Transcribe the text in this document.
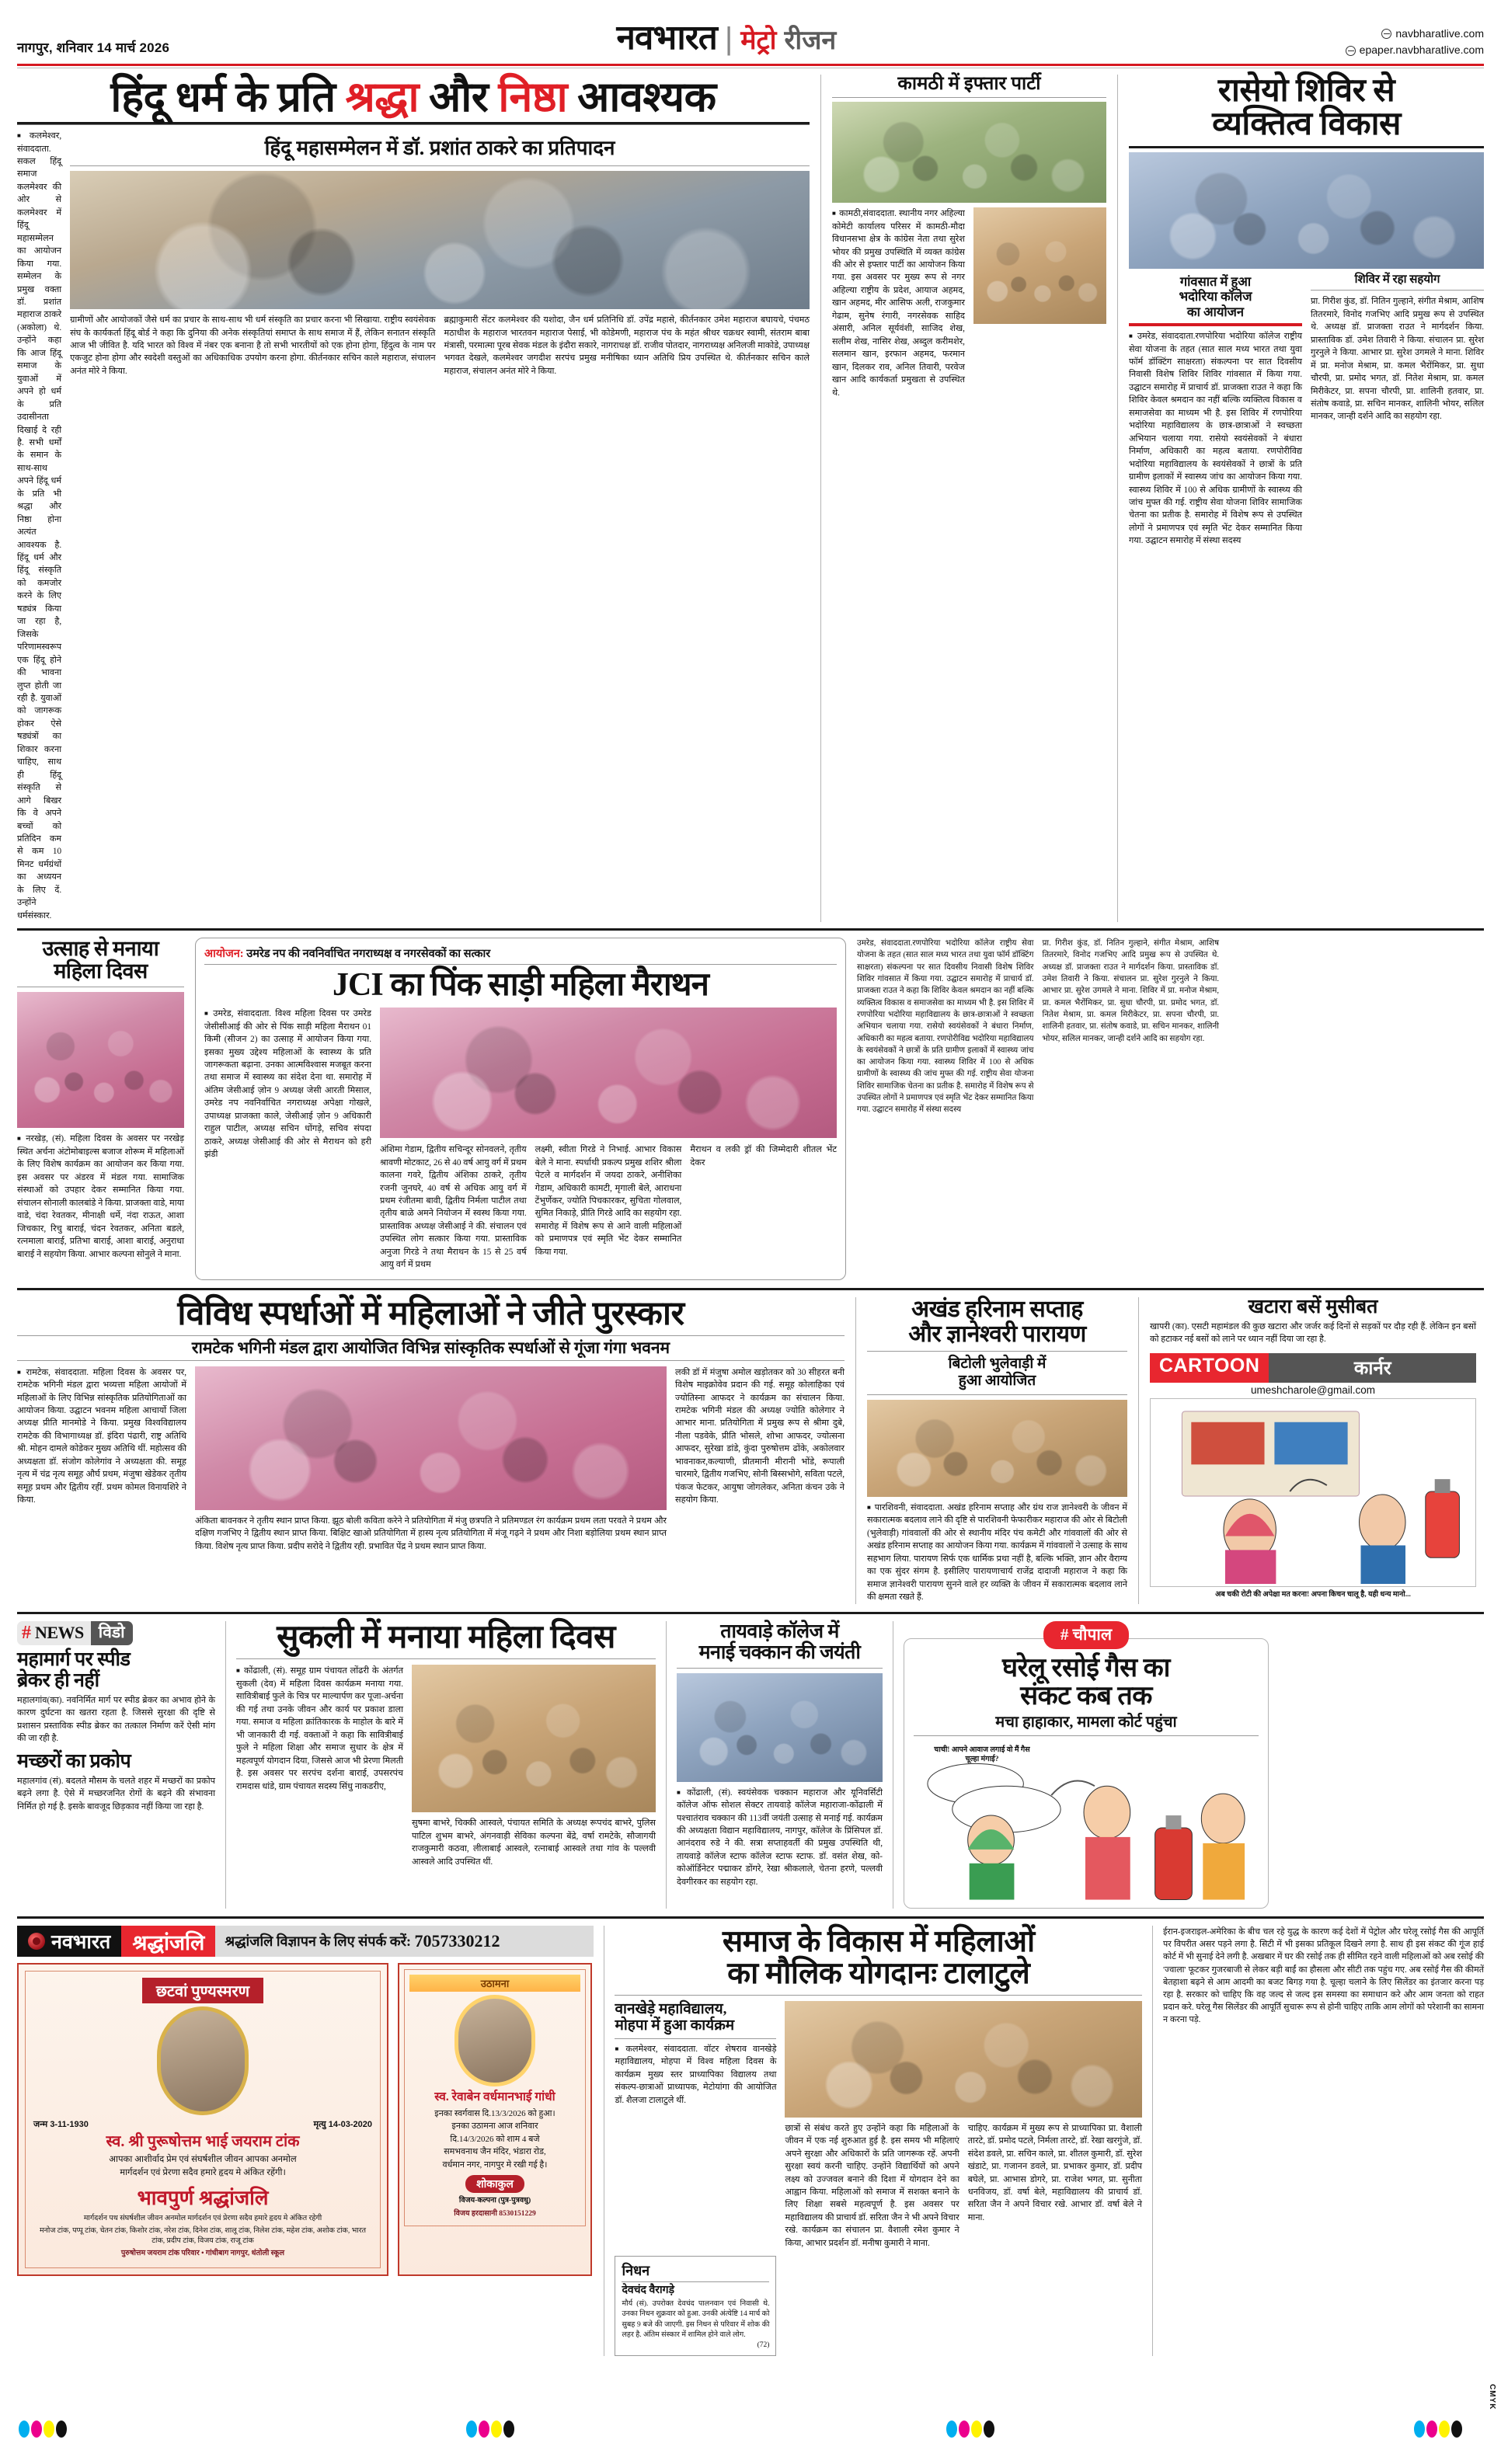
नागपुर, शनिवार 14 मार्च 2026	नवभारत | मेट्रो रीजन	navbharatlive.com
epaper.navbharatlive.com
हिंदू धर्म के प्रति श्रद्धा और निष्ठा आवश्यक
■ कलमेश्वर, संवाददाता. सकल हिंदू समाज कलमेश्वर की ओर से कलमेश्वर में हिंदू महासम्मेलन का आयोजन किया गया. सम्मेलन के प्रमुख वक्ता डॉ. प्रशांत महाराज ठाकरे (अकोला) थे. उन्होंने कहा कि आज हिंदू समाज के युवाओं में अपने हो धर्म के प्रति उदासीनता दिखाई दे रही है. सभी धर्मों के समान के साथ-साथ अपने हिंदू धर्म के प्रति भी श्रद्धा और निष्ठा होना अत्यंत आवश्यक है. हिंदू धर्म और हिंदू संस्कृति को कमजोर करने के लिए षड्यंत्र किया जा रहा है, जिसके परिणामस्वरूप एक हिंदू होने की भावना लुप्त होती जा रही है. युवाओं को जागरूक होकर ऐसे षड्यंत्रों का शिकार करना चाहिए, साथ ही हिंदू संस्कृति से आगे बिखर कि वे अपने बच्चों को प्रतिदिन कम से कम 10 मिनट धर्मग्रंथों का अध्ययन के लिए दें. उन्होंने धर्मसंस्कार.
हिंदू महासम्मेलन में डॉ. प्रशांत ठाकरे का प्रतिपादन
ग्रामीणों और आयोजकों जैसे धर्म का प्रचार के साथ-साथ भी धर्म संस्कृति का प्रचार करना भी सिखाया. राष्ट्रीय स्वयंसेवक संघ के कार्यकर्ता हिंदू बोर्ड ने कहा कि दुनिया की अनेक संस्कृतियां समाप्त के साथ समाज में हैं, लेकिन सनातन संस्कृति आज भी जीवित है. यदि भारत को विश्व में नंबर एक बनाना है तो सभी भारतीयों को एक होना होगा, हिंदुत्व के नाम पर एकजुट होना होगा और स्वदेशी वस्तुओं का अधिकाधिक उपयोग करना होगा. कीर्तनकार सचिन काले महाराज, संचालन अनंत मोरे ने किया.
ब्रह्माकुमारी सेंटर कलमेश्वर की यशोदा, जैन धर्म प्रतिनिधि डॉ. उपेंद्र महासे, कीर्तनकार उमेश महाराज बघायचे, पंचमठ मठाधीश के महाराज भारतवन महाराज पेसाई, भी कोडेमणी, महाराज पंच के महंत श्रीधर चक्रधर स्वामी, संतराम बाबा मंत्रासी, परमात्मा पूरब सेवक मंडल के इंदौरा सकारे, नागराधक्ष डॉ. राजीव पोतदार, नागराध्यक्ष अनिलजी माकोडे, उपाध्यक्ष भगवत देखले, कलमेश्वर जगदीश सरपंच प्रमुख मनीषिका ध्यान अतिथि प्रिय उपस्थित थे. कीर्तनकार सचिन काले महाराज, संचालन अनंत मोरे ने किया.
कामठी में इफ्तार पार्टी
■ कामठी,संवाददाता. स्थानीय नगर अहिल्या कोमेटी कार्यालय परिसर में कामठी-मौदा विधानसभा क्षेत्र के कांग्रेस नेता तथा सुरेश भोयर की प्रमुख उपस्थिति में व्यक्त कांग्रेस की ओर से इफ्तार पार्टी का आयोजन किया गया. इस अवसर पर मुख्य रूप से नगर अहिल्या राष्ट्रीय के प्रदेश, आयाज अहमद, खान अहमद, मीर आसिफ अली, राजकुमार गेढाम, सुनेष रंगारी, नगरसेवक साहिद अंसारी, अनिल सूर्यवंशी, साजिद शेख, सलीम शेख, नासिर शेख, अब्दुल करीमशेर, सलमान खान, इरफान अहमद, फरमान खान, दिलकर राव, अनिल तिवारी, परवेज खान आदि कार्यकर्ता प्रमुखता से उपस्थित थे.
रासेयो शिविर से
व्यक्तित्व विकास
गांवसात में हुआ
भदोरिया कॉलेज
का आयोजन
■ उमरेड, संवाददाता.रणपोरिया भदोरिया कॉलेज राष्ट्रीय सेवा योजना के तहत (सात साल मध्य भारत तथा युवा फॉर्म डॉक्टिंग साक्षरता) संकल्पना पर सात दिवसीय निवासी विशेष शिविर शिविर गांवसात में किया गया. उद्घाटन समारोह में प्राचार्य डॉ. प्राजक्ता राउत ने कहा कि शिविर केवल श्रमदान का नहीं बल्कि व्यक्तित्व विकास व समाजसेवा का माध्यम भी है. इस शिविर में रणपोरिया भदोरिया महाविद्यालय के छात्र-छात्राओं ने स्वच्छता अभियान चलाया गया. रासेयो स्वयंसेवकों ने बंधारा निर्माण, अधिकारी का महत्व बताया. रणपोरीविद्य भदोरिया महाविद्यालय के स्वयंसेवकों ने छात्रों के प्रति ग्रामीण इलाकों में स्वास्थ्य जांच का आयोजन किया गया. स्वास्थ्य शिविर में 100 से अधिक ग्रामीणों के स्वास्थ्य की जांच मुफ्त की गई. राष्ट्रीय सेवा योजना शिविर सामाजिक चेतना का प्रतीक है. समारोह में विशेष रूप से उपस्थित लोगों ने प्रमाणपत्र एवं स्मृति भेंट देकर सम्मानित किया गया. उद्घाटन समारोह में संस्था सदस्य
शिविर में रहा सहयोग
प्रा. गिरीश कुंड, डॉ. नितिन गुल्हाने, संगीत मेश्राम, आशिष तितरमारे, विनोद गजभिए आदि प्रमुख रूप से उपस्थित थे. अध्यक्ष डॉ. प्राजक्ता राउत ने मार्गदर्शन किया. प्रास्ताविक डॉ. उमेश तिवारी ने किया. संचालन प्रा. सुरेश गुरनुले ने किया. आभार प्रा. सुरेश उगमले ने माना. शिविर में प्रा. मनोज मेश्राम, प्रा. कमल भैरोंमिकर, प्रा. सुधा चौरपी, प्रा. प्रमोद भगत, डॉ. नितेश मेश्राम, प्रा. कमल मिरीकेटर, प्रा. सपना चौरपी, प्रा. शालिनी हतवार, प्रा. संतोष कवाडे, प्रा. सचिन मानकर, शालिनी भोयर, सलिल मानकर, जान्ही दर्शने आदि का सहयोग रहा.
उत्साह से मनाया
महिला दिवस
■ नरखेड़, (सं). महिला दिवस के अवसर पर नरखेड़ स्थित अर्चना अंटोमोबाइल्स बजाज शोरूम में महिलाओं के लिए विशेष कार्यक्रम का आयोजन कर किया गया. इस अवसर पर अंडरव में मंडल गया. सामाजिक संस्थाओं को उपहार देकर सम्मानित किया गया. संचालन सोनाली कालबांडे ने किया. प्राजक्ता वाडे, माया वाडे, चंदा रेवतकर, मीनाक्षी धर्मे, नंदा राऊत, आशा जिचकार, रिचु बाराई, चंदन रेवतकर, अनिता बडले, रत्नमाला बाराई, प्रतिभा बाराई, आशा बाराई, अनुराधा बाराई ने सहयोग किया. आभार कल्पना सोनुले ने माना.
आयोजन: उमरेड नप की नवनिर्वाचित नगराध्यक्ष व नगरसेवकों का सत्कार
JCI का पिंक साड़ी महिला मैराथन
■ उमरेड, संवाददाता. विश्व महिला दिवस पर उमरेड जेसीसीआई की ओर से पिंक साड़ी महिला मैराथन 01 किमी (सीजन 2) का उत्साह में आयोजन किया गया. इसका मुख्य उद्देश्य महिलाओं के स्वास्थ्य के प्रति जागरूकता बढ़ाना. उनका आत्मविश्वास मजबूत करना तथा समाज में स्वास्थ्य का संदेश देना था. समारोह में अंतिम जेसीआई ज़ोन 9 अध्यक्ष जेसी आरती मिसाल, उमरेड नप नवनिर्वाचित नगराध्यक्ष अपेक्षा गोखले, उपाध्यक्ष प्राजक्ता काले, जेसीआई ज़ोन 9 अधिकारी राहुल पाटील, अध्यक्ष सचिन धोंगड़े, सचिव संपदा ठाकरे, अध्यक्ष जेसीआई की ओर से मैराथन को हरी झंडी	अंशिमा गेडाम, द्वितीय सचिन्दूर सोनवलने, तृतीय श्रावणी मोटकाट, 26 से 40 वर्ष आयु वर्ग में प्रथम कालना गवरे, द्वितीय अंशिका ठाकरे, तृतीय रजनी जुनघरे, 40 वर्ष से अधिक आयु वर्ग में प्रथम रंजीतमा बावी, द्वितीय निर्मला पाटील तथा तृतीय बाळे अमने नियोजन में स्वस्थ किया गया. प्रास्ताविक अध्यक्ष जेसीआई ने की. संचालन एवं उपस्थित लोग सत्कार किया गया. प्रास्ताविक अनुजा गिरडे ने तथा मैराथन के 15 से 25 वर्ष आयु वर्ग में प्रथम
लक्ष्मी, स्वीता गिरडे ने निभाई. आभार विकास बेले ने माना. स्पर्धाथी प्रकल्प प्रमुख शशिर श्रीला पेटले व मार्गदर्शन में जयदा ठाकरे, अनीशिका गेडाम, अधिकारी कामटी, मृगाली बेले, आराधना टेंभुर्णेकर, ज्योति पिचकारकर, सुचिता गोलवाल, सुमित निकाड़े, प्रीति गिरडे आदि का सहयोग रहा. समारोह में विशेष रूप से आने वाली महिलाओं को प्रमाणपत्र एवं स्मृति भेंट देकर सम्मानित किया गया.
मैराथन व लकी ड्रॉ की जिम्मेदारी शीतल भेंट देकर
उमरेड, संवाददाता.रणपोरिया भदोरिया कॉलेज राष्ट्रीय सेवा योजना के तहत (सात साल मध्य भारत तथा युवा फॉर्म डॉक्टिंग साक्षरता) संकल्पना पर सात दिवसीय निवासी विशेष शिविर शिविर गांवसात में किया गया. उद्घाटन समारोह में प्राचार्य डॉ. प्राजक्ता राउत ने कहा कि शिविर केवल श्रमदान का नहीं बल्कि व्यक्तित्व विकास व समाजसेवा का माध्यम भी है. इस शिविर में रणपोरिया भदोरिया महाविद्यालय के छात्र-छात्राओं ने स्वच्छता अभियान चलाया गया. रासेयो स्वयंसेवकों ने बंधारा निर्माण, अधिकारी का महत्व बताया. रणपोरीविद्य भदोरिया महाविद्यालय के स्वयंसेवकों ने छात्रों के प्रति ग्रामीण इलाकों में स्वास्थ्य जांच का आयोजन किया गया. स्वास्थ्य शिविर में 100 से अधिक ग्रामीणों के स्वास्थ्य की जांच मुफ्त की गई. राष्ट्रीय सेवा योजना शिविर सामाजिक चेतना का प्रतीक है. समारोह में विशेष रूप से उपस्थित लोगों ने प्रमाणपत्र एवं स्मृति भेंट देकर सम्मानित किया गया. उद्घाटन समारोह में संस्था सदस्य
प्रा. गिरीश कुंड, डॉ. नितिन गुल्हाने, संगीत मेश्राम, आशिष तितरमारे, विनोद गजभिए आदि प्रमुख रूप से उपस्थित थे. अध्यक्ष डॉ. प्राजक्ता राउत ने मार्गदर्शन किया. प्रास्ताविक डॉ. उमेश तिवारी ने किया. संचालन प्रा. सुरेश गुरनुले ने किया. आभार प्रा. सुरेश उगमले ने माना. शिविर में प्रा. मनोज मेश्राम, प्रा. कमल भैरोंमिकर, प्रा. सुधा चौरपी, प्रा. प्रमोद भगत, डॉ. नितेश मेश्राम, प्रा. कमल मिरीकेटर, प्रा. सपना चौरपी, प्रा. शालिनी हतवार, प्रा. संतोष कवाडे, प्रा. सचिन मानकर, शालिनी भोयर, सलिल मानकर, जान्ही दर्शने आदि का सहयोग रहा.
विविध स्पर्धाओं में महिलाओं ने जीते पुरस्कार
रामटेक भगिनी मंडल द्वारा आयोजित विभिन्न सांस्कृतिक स्पर्धाओं से गूंजा गंगा भवनम
■ रामटेक, संवाददाता. महिला दिवस के अवसर पर, रामटेक भगिनी मंडल द्वारा भव्यत्ता महिला आयोजों में महिलाओं के लिए विभिन्न सांस्कृतिक प्रतियोगिताओं का आयोजन किया. उद्घाटन भवनम महिला आचार्यो जिला अध्यक्ष प्रीति मानमोडे ने किया. प्रमुख विश्वविद्यालय रामटेक की विभागाध्यक्ष डॉ. इंदिरा पंढारी, राष्ट्र अतिथि श्री. मोहन दामले कोडेकर मुख्य अतिथि थीं. महोत्सव की अध्यक्षता डॉ. संजोग कोलेगांव ने अध्यक्षता की. समूह नृत्य में चंद्र नृत्य समूह और्घ प्रथम, मंजुषा खेडेकर तृतीय समूह प्रथम और द्वितीय रहीं. प्रथम कोमल विनायशिरे ने किया.
अंकिता बावनकर ने तृतीय स्थान प्राप्त किया. झूठ बोली कविता करेने ने प्रतियोगिता में मंजु छत्रपति ने प्रतिमण्डल रंग कार्यक्रम प्रथम लता परवते ने प्रथम और दक्षिण गजभिए ने द्वितीय स्थान प्राप्त किया. बिक्षिट खाओ प्रतियोगिता में हास्य नृत्य प्रतियोगिता में मंजू गढ़ने ने प्रथम और निशा बड़ोलिया प्रथम स्थान प्राप्त किया. विशेष नृत्य प्राप्त किया. प्रदीप सरोदे ने द्वितीय रही. प्रभावित पेंद्र ने प्रथम स्थान प्राप्त किया.
लकी डॉ में मंजुषा अमोल खड़ोतकर को 30 सीहरत बनी विशेष माइक्रोवेव प्रदान की गई. समूह कोलाहिका एवं ज्योतिस्ना आफदर ने कार्यक्रम का संचालन किया. रामटेक भगिनी मंडल की अध्यक्ष ज्योति कोलेगार ने आभार माना. प्रतियोगिता में प्रमुख रूप से श्रीमा दुबे, नीला पडवेके, प्रीति भोसले, शोभा आफदर, ज्योत्सना आफदर, सुरेखा डांडे, कुंदा पुरुषोत्तम ढोंके, अकोलवार भावनाकर,कल्याणी, प्रीतमानी मीरानी भोंडे, रूपाली चारमारे, द्वितीय गजभिए, सोनी बिस्सभोगे, सविता पटले, पंकज फेटकर, आयुषा जोगलेकर, अनिता कंचन उके ने सहयोग किया.
अखंड हरिनाम सप्ताह
और ज्ञानेश्वरी पारायण
बिटोली भुलेवाड़ी में
हुआ आयोजित
■ पारशिवनी, संवाददाता. अखंड हरिनाम सप्ताह और ग्रंथ राज ज्ञानेश्वरी के जीवन में सकारात्मक बदलाव लाने की दृष्टि से पारशिवनी फेफारीकर महाराज की ओर से बिटोली (भुलेवाड़ी) गांववालों की ओर से स्थानीय मंदिर पंच कमेटी और गांववालों की ओर से अखंड हरिनाम सप्ताह का आयोजन किया गया. कार्यक्रम में गांववालों ने उत्साह के साथ सहभाग लिया. पारायण सिर्फ एक धार्मिक प्रथा नहीं है, बल्कि भक्ति, ज्ञान और वैराग्य का एक सुंदर संगम है. इसीलिए पारायणाचार्य राजेंद्र दादाजी महाराज ने कहा कि समाज ज्ञानेश्वरी पारायण सुनने वाले हर व्यक्ति के जीवन में सकारात्मक बदलाव लाने की क्षमता रखते हैं.
खटारा बसें मुसीबत
खापरी (का). एसटी महामंडल की कुछ खटारा और जर्जर कई दिनों से सड़कों पर दौड़ रही हैं. लेकिन इन बसों को हटाकर नई बसों को लाने पर ध्यान नहीं दिया जा रहा है.
CARTOON	कार्नर
umeshcharole@gmail.com
अब चकी रोटी की अपेक्षा मत करना! अपना किचन चालू है, यही धन्य मानो...
# NEWS विडो
महामार्ग पर स्पीड
ब्रेकर ही नहीं
महालगांव(का). नवनिर्मित मार्ग पर स्पीड ब्रेकर का अभाव होने के कारण दुर्घटना का खतरा रहता है. जिससे सुरक्षा की दृष्टि से प्रशासन प्रस्ताविक स्पीड ब्रेकर का तत्काल निर्माण करें ऐसी मांग की जा रही है.
मच्छरों का प्रकोप
महालगांव (सं). बदलते मौसम के चलते शहर में मच्छरों का प्रकोप बढ़ने लगा है. ऐसे में मच्छरजनित रोगों के बढ़ने की संभावना निर्मित हो गई है. इसके बावजूद छिड़काव नहीं किया जा रहा है.
सुकली में मनाया महिला दिवस
■ कोंढाली, (सं). समूह ग्राम पंचायत लोंढरी के अंतर्गत सुकली (देव) में महिला दिवस कार्यक्रम मनाया गया. सावित्रीबाई फुले के चित्र पर माल्यार्पण कर पूजा-अर्चना की गई तथा उनके जीवन और कार्य पर प्रकाश डाला गया. समाज व महिला क्रांतिकारक के माहोल के बारे में भी जानकारी दी गई. वक्ताओं ने कहा कि सावित्रीबाई फुले ने महिला शिक्षा और समाज सुधार के क्षेत्र में महत्वपूर्ण योगदान दिया, जिससे आज भी प्रेरणा मिलती है. इस अवसर पर सरपंच दर्शना बाराई, उपसरपंच रामदास धांडे, ग्राम पंचायत सदस्य सिंधु नाकडरीए,
सुषमा बाभरे, चिक्की आस्वले, पंचायत समिति के अध्यक्ष रूपचंद बाभरे, पुलिस पाटिल शुभम बाभरे, अंगनवाड़ी सेविका कल्पना बेंद्रे, वर्षा रामटेके, सौजागयी राजकुमारी कठवा, लीलाबाई आस्वले, रत्नाबाई आस्वले तथा गांव के पल्लवी आस्वले आदि उपस्थित थीं.
तायवाड़े कॉलेज में
मनाई चक्कान की जयंती
■ कोंढाली, (सं). स्वयंसेवक चक्कान महाराज और यूनिवर्सिटी कॉलेज ऑफ सोशल सेक्टर तायवाड़े कॉलेज महाराजा-कोंढाली में पश्चातंराव चक्कान की 113वीं जयंती उत्साह से मनाई गई. कार्यक्रम की अध्यक्षता विद्यान महाविद्यालय, नागपुर, कॉलेज के प्रिंसिपल डॉ. आनंदराव रुडे ने की. सत्रा सप्ताहवर्ती की प्रमुख उपस्थिति थी, तायवाड़े कॉलेज स्टाफ कॉलेज स्टाफ स्टाफ. डॉ. वसंत शेख, को-कोऑर्डिनेटर पद्माकर डोंगरे, रेखा श्रीकलाले, चेतना हरणे, पल्लवी देवगीरकर का सहयोग रहा.
# चौपाल
घरेलू रसोई गैस का
संकट कब तक
मचा हाहाकार, मामला कोर्ट पहुंचा
चाची! आपने आवाज लगाई वो मैं गैस चूल्हा मंगाई?
नवभारत	श्रद्धांजलि	श्रद्धांजलि विज्ञापन के लिए संपर्क करें:
7057330212
छटवां पुण्यस्मरण
जन्म 3-11-1930	मृत्यु 14-03-2020
स्व. श्री पुरूषोत्तम भाई जयराम टांक
आपका आशीर्वाद प्रेम एवं संघर्षशील जीवन आपका अनमोल
मार्गदर्शन एवं प्रेरणा सदैव हमारे हृदय मे अंकित रहेंगी।
भावपुर्ण श्रद्धांजलि
मार्गदर्शन पथ संघर्षशील जीवन अनमोल मार्गदर्शन एवं प्रेरणा सदैव हमारे हृदय मे अंकित रहेगी
मनोज टांक, पप्पू टांक, चेतन टांक, किशोर टांक, नरेश टांक, दिनेश टांक, शालू टांक, निलेश टांक, महेश टांक, अशोक टांक, भारत टांक, प्रदीप टांक, विजय टांक, राजू टांक
पुरुषोत्तम जयराम टांक परिवार • गांधीबाग नागपुर, धंतोली स्कूल
उठामना
स्व. रेवाबेन वर्धमानभाई गांधी
इनका स्वर्गवास दि.13/3/2026 को हुआ।
इनका उठामना आज शनिवार
दि.14/3/2026 को शाम 4 बजे
समभवनाथ जैन मंदिर, भंडारा रोड,
वर्धमान नगर, नागपुर मे रखी गई है।
शोकाकुल
विजय-कल्पना (पुत्र-पुत्रवधु)
विजय हरदासानी 8530151229
समाज के विकास में महिलाओं
का मौलिक योगदानः टालाटुले
वानखेड़े महाविद्यालय,
मोहपा में हुआ कार्यक्रम
■ कलमेश्वर, संवाददाता. वॉटर शेषराव वानखेड़े महाविद्यालय, मोहपा में विश्व महिला दिवस के कार्यक्रम मुख्य स्तर प्राध्यापिका विद्यालय तथा संकल्प-छात्राओं प्राध्यापक, मेटोयांगा की आयोजित डॉ. शैलजा टालाटुले थीं.
छात्रों से संबंध करते हुए उन्होंने कहा कि महिलाओं के जीवन में एक नई शुरुआत हुई है. इस समय भी महिलाएं अपने सुरक्षा और अधिकारों के प्रति जागरूक रहें. अपनी सुरक्षा स्वयं करनी चाहिए. उन्होंने विद्यार्थियों को अपने लक्ष्य को उज्जवल बनाने की दिशा में योगदान देने का आह्वान किया. महिलाओं को समाज में सशक्त बनाने के लिए शिक्षा सबसे महत्वपूर्ण है. इस अवसर पर महाविद्यालय की प्राचार्य डॉ. सरिता जैन ने भी अपने विचार रखे. कार्यक्रम का संचालन प्रा. वैशाली रमेश कुमार ने किया, आभार प्रदर्शन डॉ. मनीषा कुमारी ने माना.
चाहिए. कार्यक्रम में मुख्य रूप से प्राध्यापिका प्रा. वैशाली तारटे, डॉ. प्रमोद पटले, निर्मला तारटे, डॉ. रेखा खरगुंजे, डॉ. संदेश डवले, प्रा. सचिन काले, प्रा. शीतल कुमारी, डॉ. सुरेश खंडाटे, प्रा. गजानन डवले, प्रा. प्रभाकर कुमार, डॉ. प्रदीप बघेले, प्रा. आभास डोगरे, प्रा. राजेश भगत, प्रा. सुनीता धनविजय, डॉ. वर्षा बेले, महाविद्यालय की प्राचार्य डॉ. सरिता जैन ने अपने विचार रखे. आभार डॉ. वर्षा बेले ने माना.
निधन
देवचंद वैरागड़े
मौर्य (सं). उपरोक्त देवचंद पालनवान एवं निवासी थे. उनका निधन शुक्रवार को हुआ. उनकी अंत्येष्टि 14 मार्च को सुबह 9 बजे की जाएगी. इस निधन से परिवार में शोक की लहर है. अंतिम संस्कार में शामिल होने वाले लोग.
(72)
ईरान-इजराइल-अमेरिका के बीच चल रहे युद्ध के कारण कई देशों में पेट्रोल और घरेलू रसोई गैस की आपूर्ति पर विपरीत असर पड़ने लगा है. सिटी में भी इसका प्रतिकूल दिखने लगा है. साथ ही इस संकट की गूंज हाई कोर्ट में भी सुनाई देने लगी है. अखबार में घर की रसोई तक ही सीमित रहने वाली महिलाओं को अब रसोई की 'ज्वाला' फूटकर गुजरबाजी से लेकर बड़ी बाईं का हौसला और सीटी तक पहुंच गए. अब रसोई गैस की कीमतें बेतहाशा बढ़ने से आम आदमी का बजट बिगड़ गया है. चूल्हा चलाने के लिए सिलेंडर का इंतजार करना पड़ रहा है. सरकार को चाहिए कि वह जल्द से जल्द इस समस्या का समाधान करे और आम जनता को राहत प्रदान करे. घरेलू गैस सिलेंडर की आपूर्ति सुचारू रूप से होनी चाहिए ताकि आम लोगों को परेशानी का सामना न करना पड़े.
CMYK
